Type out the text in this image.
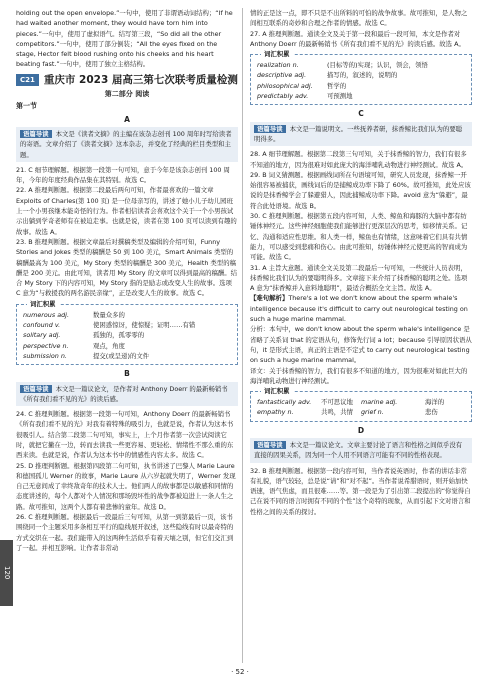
120

holding out the open envelope.”一句中，使用了非谓语动词结构；“If he had waited another moment, they would have torn him into pieces.”一句中，使用了虚拟语气。结写第三段，“So did all the other competitors.”一句中，使用了部分倒装；“All the eyes fixed on the stage, Hector felt blood rushing onto his cheeks and his heart beating fast.”一句中，使用了独立主格结构。

C21 重庆市 2023 届高三第七次联考质量检测
第二部分 阅读
第一节
A
语篇导读 本文是《读者文摘》的主编在该杂志创刊 100 周年时写给读者的寄语。文章介绍了《读者文摘》这本杂志，并变化了经典的栏目类型和主题。

21. C 细节理解题。根据第一段第一句可知，意于今年是该杂志创刊 100 周年，今年的年度经典作品集在其特别。故选 C。

22. A 推理判断题。根据第二段最后两句可知，作者最喜欢的一篇文章 Exploits of Charles(第 100 页) 是一位母亲写的，讲述了她小儿子幼儿园班上一个小男孩继本能奇怪的行为。作者相信读者会喜欢这个关于一个小男孩试示出躺到学奇老师有在被迫走事。也就是说，读者在第 100 页可以读到有趣的故事。故选 A。

23. B 推理判断题。根据文章最后对撰稿类型及编辑的介绍可知，Funny Stories and Jokes 类型的稿酬是 50 到 100 美元，Smart Animals 类型的稿酬最高为 100 美元，My Story 类型的稿酬是 300 美元，Health 类型的稿酬是 200 美元。由此可知，读者用 My Story 的文章可以得到最高的稿酬。结合 My Story 下的内容可知，My Story 指的是励志或改变人生的故事。选项 C 意为“与救援我的两名游民亲缘”，正是改变人生的故事。故选 C。

词汇积累
numerous adj.	数量众多的
confound v.	使困惑惊讶，使惊疑；证明……有错
solitary adj.	孤独的，孤零零的
perspective n.	观点，角度
submission n.	提交(或呈递)的文件
B
语篇导读 本文是一篇议论文，是作者对 Anthony Doerr 的最新畅销书《所有我们看不见的光》的读后感。

24. C 推理判断题。根据第一段第一句可知，Anthony Doerr 的最新畅销书《所有我们看不见的光》对我有着特殊的吸引力，也就是说，作者认为这本书很吸引人。结合第二段第二句可知，事实上，上个月作者第一次尝试阅读它时，就把它撇在一边，转而去读我一些更容易、更轻松、情绪性不那么重的东西来读。也就是说，作者认为这本书中的情感性内容太多。故选 C。

25. D 推理判断题。根据第四段第二句可知，执书讲述了巴黎人 Marie Laure 和德国孤儿 Werner 的故事，Marie Laure 从六岁起就失明了，Werner 发现自己无意间成了幸终敌奇年的技术人士。他们两人的故事都是以敏感和同情的态度讲述的，每个人都对个人情况和那场毁坏性的战争都被迫进上一条人生之路。故可推知，这两个人都有着悲惨的童年。故选 D。

26. C 推理判断题。根据最后一段最后三句可知，从第一到第最后一页，该书围绕同一个主题采用多条相互平行的隐线展开叙述，这些隐线有时以最奇特的方式交织在一起。我们能带入的这两种生活似乎有着天壤之别，但它们交汇到了一起。并相互影响。让作者非常动

情的正是这一点，即不只是不出所料的可怕的战争故事。故可推知，是人物之间相互联系的奇妙和合理之作者的情感。故选 C。

27. A 推理判断题。通读全文及关于第一段和最后一段可知，本文是作者对 Anthony Doerr 的最新畅销书《所有我们看不见的光》的读后感。故选 A。

词汇积累
realization n.	(目标等的)实现；认识，领会，领悟
descriptive adj.	描写的，叙述的，说明的
philosophical adj.	哲学的
predictably adv.	可预测地
C
语篇导读 本文是一篇说明文。一些抚养者研，抹香鲸比我们认为的要聪明得多。

28. A 细节理解题。根据第二段第三句可知，关于抹香鲸的智力，我们有很多不知道的地方，因为很难对如此庞大的海洋哺乳动物进行神经测试。故选 A。

29. B 词义猜测题。根据画线词所在句语境可知，研究人员发现，抹香鲸一开始很容易被捕获，画线词后的是捕鲸成功率下降了 60%。故可推知，此处应该说的是抹香鲸学会了躲避猎人，因此捕鲸成功率下降。avoid 意为“躲避”，最符合此处语境。故选 B。

30. C 推理判断题。根据第五段内容可知，人类、鲸鱼和海豚的大脑中都有纺锤体神经元。这些神经细胞使我们能够进行更深层次的思考，如移情关系。记忆、沟通和适应性思维。和人类一样，鲸鱼也有情绪，这意味着它们具有共情能力，可以感受到悲痛和伤心。由此可推知，纺锤体神经元使更高的智商成为可能。故选 C。

31. A 主旨大意题。通读全文关及第二段最后一句可知，一些统计人员表明，抹香鲸比我们认为的要聪明得多。文章接下来介绍了抹香鲸的聪明之处。选项 A 意为“抹香鲸并入意料地聪明”，最适合概括全文主旨。故选 A。

【难句解析】There's a lot we don't know about the sperm whale's intelligence because it's difficult to carry out neurological testing on such a huge marine mammal.

分析：本句中，we don't know about the sperm whale's intelligence 是省略了关系词 that 的定语从句，修饰先行词 a lot；because 引导原因状语从句，it 是形式主语，真正的主语是不定式 to carry out neurological testing on such a huge marine mammal。

译文：关于抹香鲸的智力，我们有很多不知道的地方，因为很难对如此巨大的海洋哺乳动物进行神经测试。

词汇积累
fantastically adv.	不可思议地 marine adj.	海洋的
empathy n.	共鸣，共情 grief n.	悲伤
D
语篇导读 本文是一篇议论文。文章主要讨论了语言和性格之间似乎没有直接的因果关系，因为同一个人用不同语言可能有不同的性格表现。

32. B 推理判断题。根据第一段内容可知，当作者说英语时，作者的讲话非常有礼貌，语气较轻，总是说“请”和“对不起”。当作者说希腊语时，则开始加快语速，语气焦虑，而且很难……等。第一段是为了引出第二段提出的“你觉得自己在说不同的语言时拥有不同的个性”这个奇特的现象，从而引起下文对语言和性格之间的关系的探讨。

· 52 ·
